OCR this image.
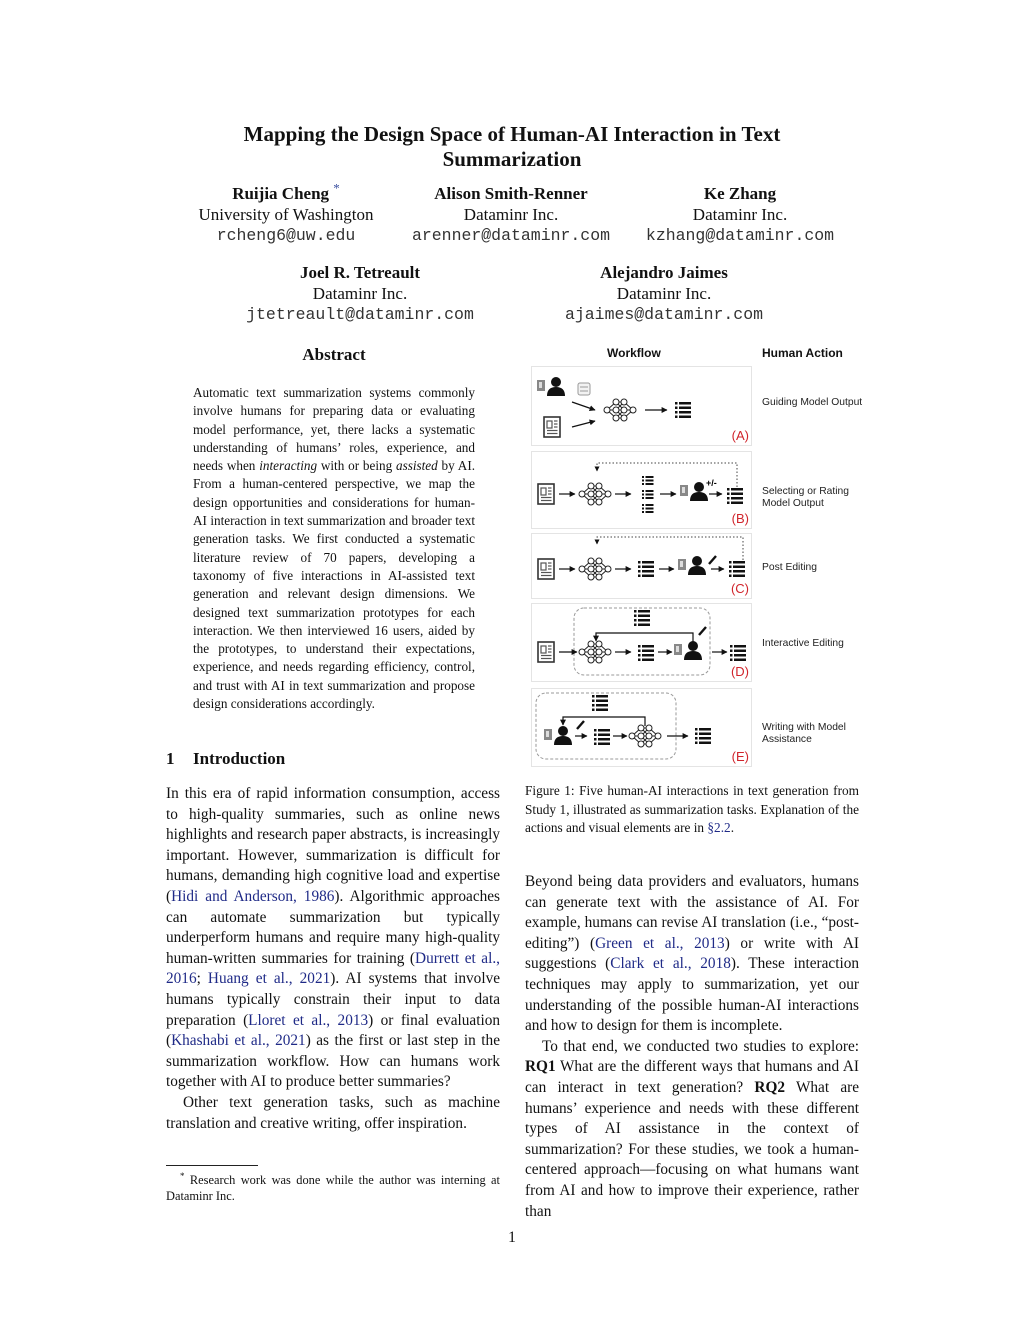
Mapping the Design Space of Human-AI Interaction in Text
Summarization
Ruijia Cheng *
University of Washington
rcheng6@uw.edu
Alison Smith-Renner
Dataminr Inc.
arenner@dataminr.com
Ke Zhang
Dataminr Inc.
kzhang@dataminr.com
Joel R. Tetreault
Dataminr Inc.
jtetreault@dataminr.com
Alejandro Jaimes
Dataminr Inc.
ajaimes@dataminr.com
Abstract
Automatic text summarization systems commonly involve humans for preparing data or evaluating model performance, yet, there lacks a systematic understanding of humans’ roles, experience, and needs when interacting with or being assisted by AI. From a human-centered perspective, we map the design opportunities and considerations for human-AI interaction in text summarization and broader text generation tasks. We first conducted a systematic literature review of 70 papers, developing a taxonomy of five interactions in AI-assisted text generation and relevant design dimensions. We designed text summarization prototypes for each interaction. We then interviewed 16 users, aided by the prototypes, to understand their expectations, experience, and needs regarding efficiency, control, and trust with AI in text summarization and propose design considerations accordingly.
1 Introduction

In this era of rapid information consumption, access to high-quality summaries, such as online news highlights and research paper abstracts, is increasingly important. However, summarization is difficult for humans, demanding high cognitive load and expertise (Hidi and Anderson, 1986). Algorithmic approaches can automate summarization but typically underperform humans and require many high-quality human-written summaries for training (Durrett et al., 2016; Huang et al., 2021). AI systems that involve humans typically constrain their input to data preparation (Lloret et al., 2013) or final evaluation (Khashabi et al., 2021) as the first or last step in the summarization workflow. How can humans work together with AI to produce better summaries?

Other text generation tasks, such as machine translation and creative writing, offer inspiration.

* Research work was done while the author was interning at Dataminr Inc.
Workflow	Human Action
(A)
Guiding Model Output
+/-
(B)
Selecting or Rating
Model Output
(C)
Post Editing
(D)
Interactive Editing
(E)
Writing with Model
Assistance
Figure 1: Five human-AI interactions in text generation from Study 1, illustrated as summarization tasks. Explanation of the actions and visual elements are in §2.2.

Beyond being data providers and evaluators, humans can generate text with the assistance of AI. For example, humans can revise AI translation (i.e., “post-editing”) (Green et al., 2013) or write with AI suggestions (Clark et al., 2018). These interaction techniques may apply to summarization, yet our understanding of the possible human-AI interactions and how to design for them is incomplete.

To that end, we conducted two studies to explore: RQ1 What are the different ways that humans and AI can interact in text generation? RQ2 What are humans’ experience and needs with these different types of AI assistance in the context of summarization? For these studies, we took a human-centered approach—focusing on what humans want from AI and how to improve their experience, rather than

1
